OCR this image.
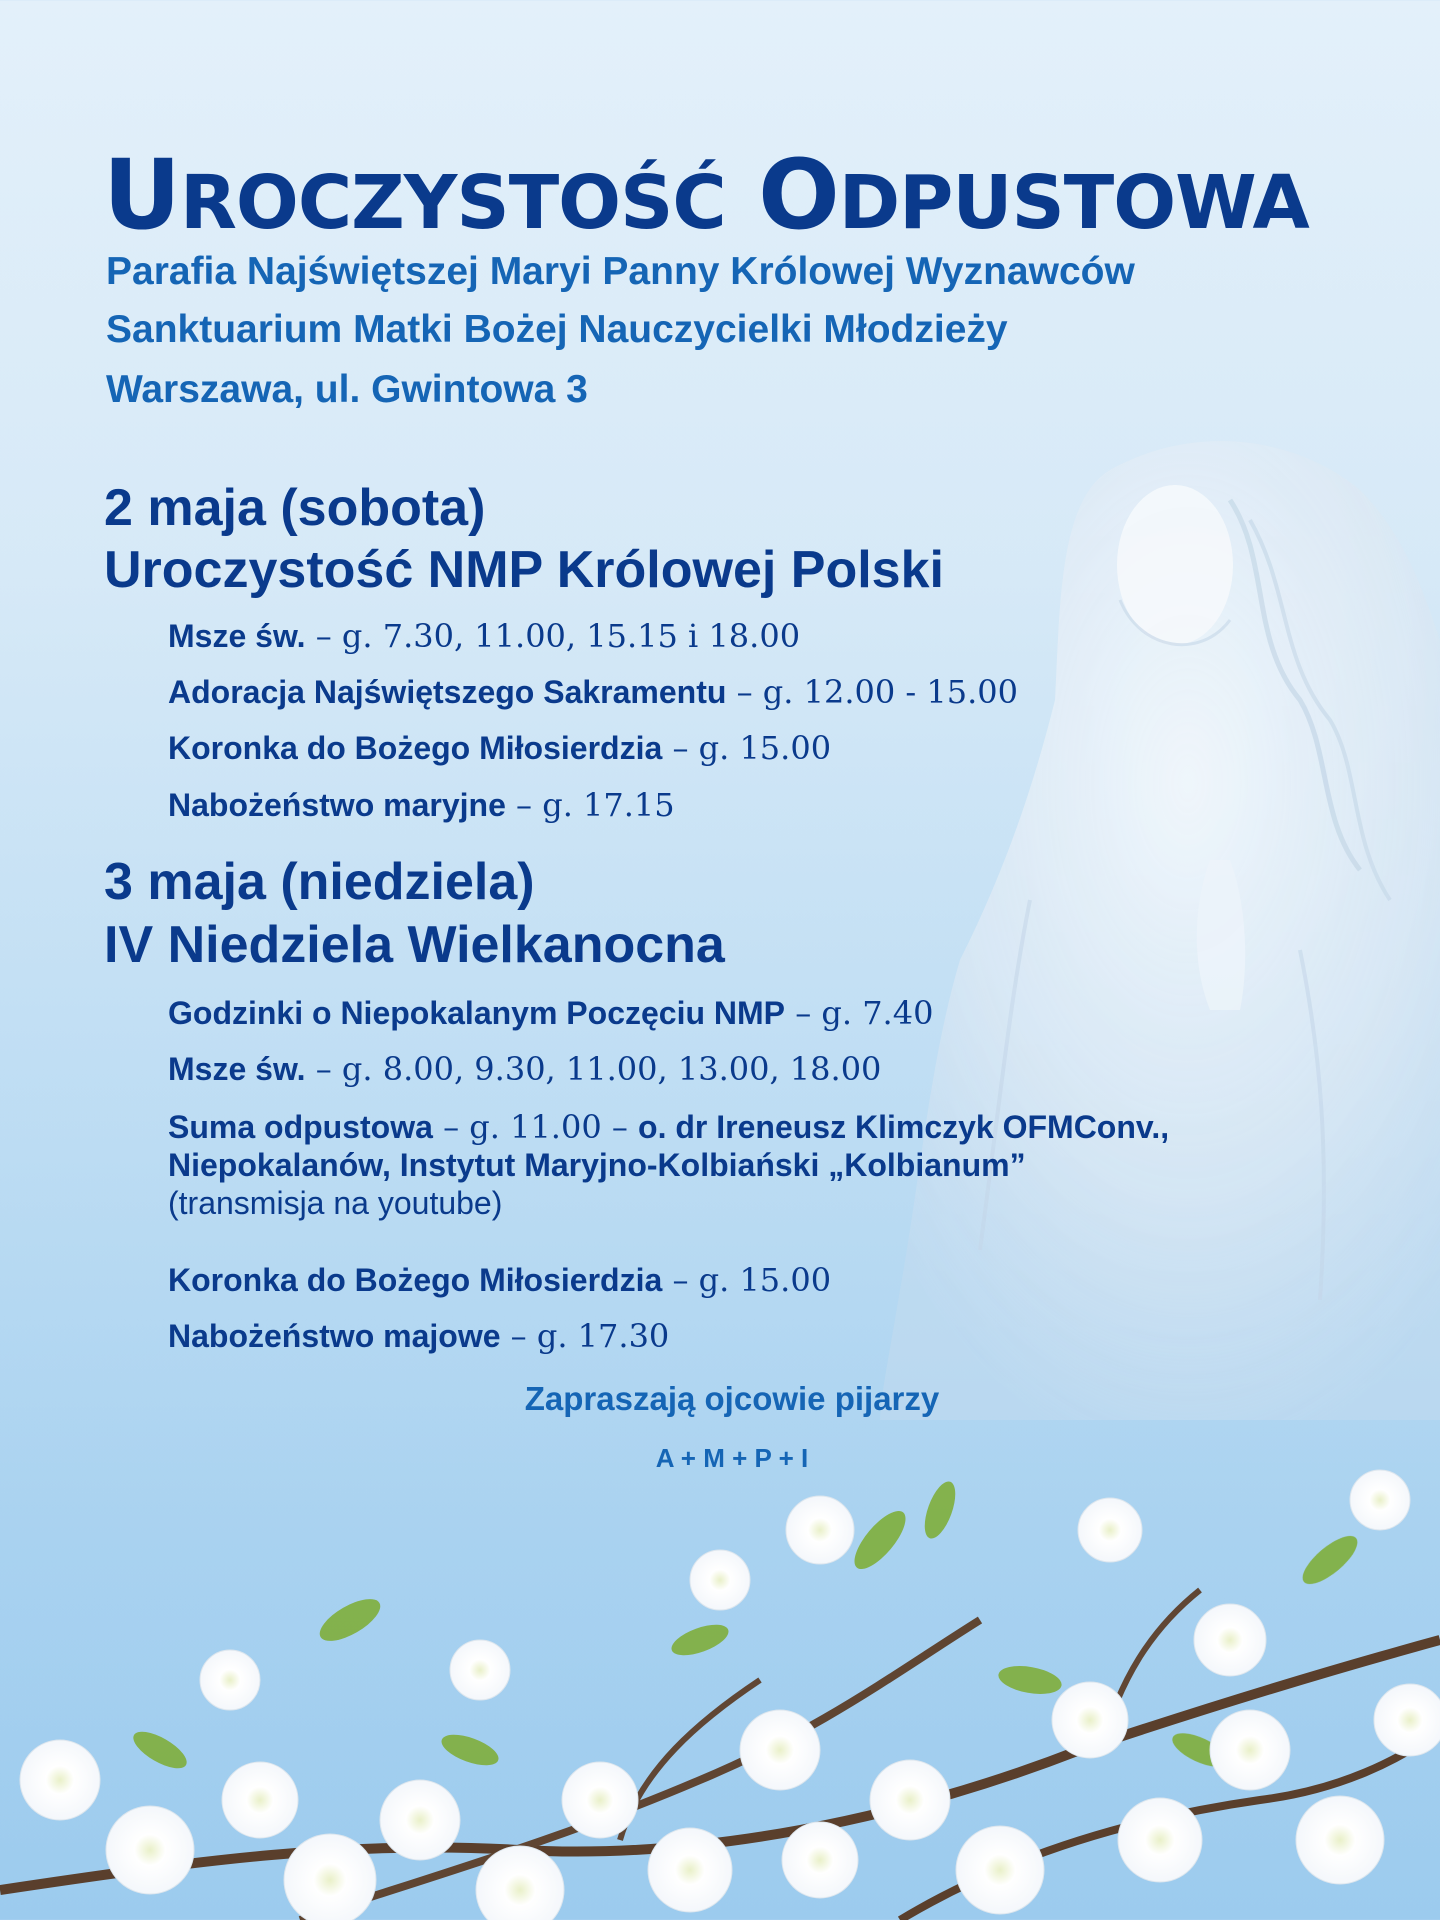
UROCZYSTOŚĆ ODPUSTOWA

Parafia Najświętszej Maryi Panny Królowej Wyznawców

Sanktuarium Matki Bożej Nauczycielki Młodzieży

Warszawa, ul. Gwintowa 3

2 maja (sobota)

Uroczystość NMP Królowej Polski

Msze św. – g. 7.30, 11.00, 15.15 i 18.00

Adoracja Najświętszego Sakramentu – g. 12.00 - 15.00

Koronka do Bożego Miłosierdzia – g. 15.00

Nabożeństwo maryjne – g. 17.15

3 maja (niedziela)

IV Niedziela Wielkanocna

Godzinki o Niepokalanym Poczęciu NMP – g. 7.40

Msze św. – g. 8.00, 9.30, 11.00, 13.00, 18.00

Suma odpustowa – g. 11.00 – o. dr Ireneusz Klimczyk OFMConv.,
Niepokalanów, Instytut Maryjno-Kolbiański „Kolbianum”
(transmisja na youtube)

Koronka do Bożego Miłosierdzia – g. 15.00

Nabożeństwo majowe – g. 17.30

Zapraszają ojcowie pijarzy

A + M + P + I
